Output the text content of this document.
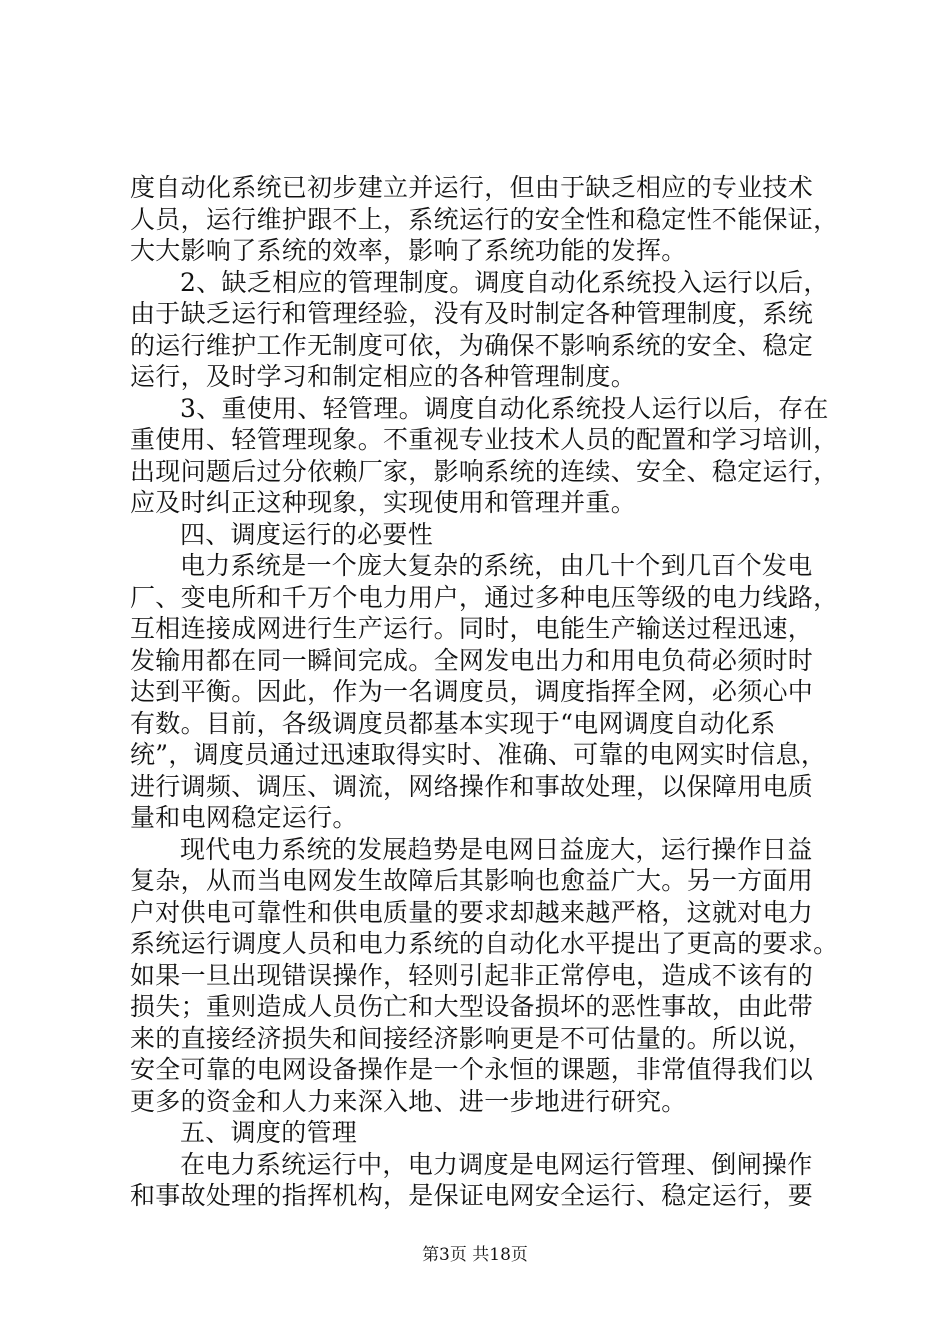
度自动化系统已初步建立并运行，但由于缺乏相应的专业技术
人员，运行维护跟不上，系统运行的安全性和稳定性不能保证，
大大影响了系统的效率，影响了系统功能的发挥。
2、缺乏相应的管理制度。调度自动化系统投入运行以后，
由于缺乏运行和管理经验，没有及时制定各种管理制度，系统
的运行维护工作无制度可依，为确保不影响系统的安全、稳定
运行，及时学习和制定相应的各种管理制度。
3、重使用、轻管理。调度自动化系统投人运行以后，存在
重使用、轻管理现象。不重视专业技术人员的配置和学习培训，
出现问题后过分依赖厂家，影响系统的连续、安全、稳定运行，
应及时纠正这种现象，实现使用和管理并重。
四、调度运行的必要性
电力系统是一个庞大复杂的系统，由几十个到几百个发电
厂、变电所和千万个电力用户，通过多种电压等级的电力线路，
互相连接成网进行生产运行。同时，电能生产输送过程迅速，
发输用都在同一瞬间完成。全网发电出力和用电负荷必须时时
达到平衡。因此，作为一名调度员，调度指挥全网，必须心中
有数。目前，各级调度员都基本实现于“电网调度自动化系
统”，调度员通过迅速取得实时、准确、可靠的电网实时信息，
进行调频、调压、调流，网络操作和事故处理，以保障用电质
量和电网稳定运行。
现代电力系统的发展趋势是电网日益庞大，运行操作日益
复杂，从而当电网发生故障后其影响也愈益广大。另一方面用
户对供电可靠性和供电质量的要求却越来越严格，这就对电力
系统运行调度人员和电力系统的自动化水平提出了更高的要求。
如果一旦出现错误操作，轻则引起非正常停电，造成不该有的
损失；重则造成人员伤亡和大型设备损坏的恶性事故，由此带
来的直接经济损失和间接经济影响更是不可估量的。所以说，
安全可靠的电网设备操作是一个永恒的课题，非常值得我们以
更多的资金和人力来深入地、进一步地进行研究。
五、调度的管理
在电力系统运行中，电力调度是电网运行管理、倒闸操作
和事故处理的指挥机构，是保证电网安全运行、稳定运行，要
第3页 共18页
